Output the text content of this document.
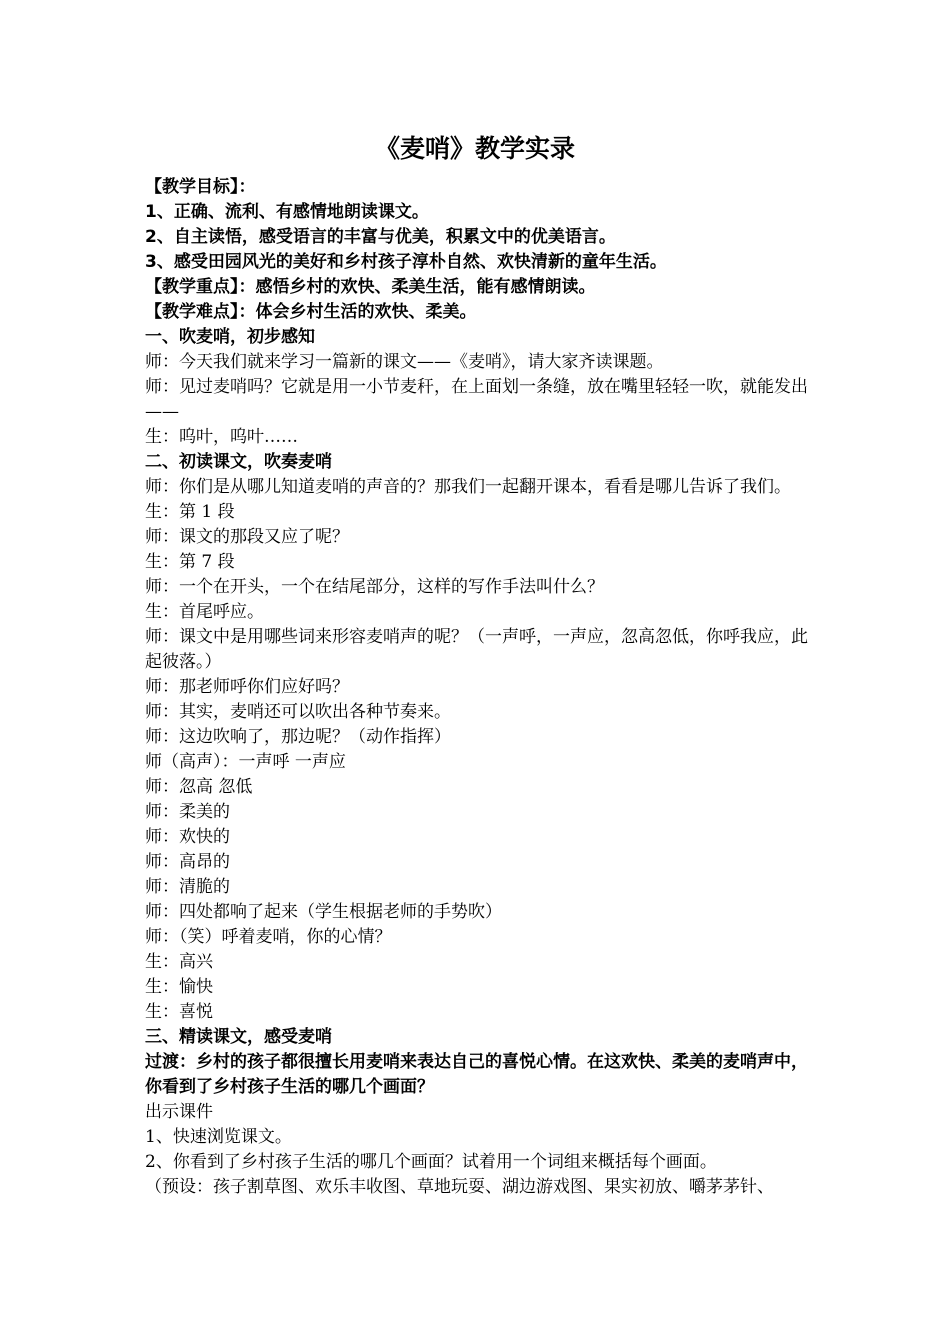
《麦哨》教学实录

【教学目标】：

1、正确、流利、有感情地朗读课文。

2、自主读悟，感受语言的丰富与优美，积累文中的优美语言。

3、感受田园风光的美好和乡村孩子淳朴自然、欢快清新的童年生活。

【教学重点】：感悟乡村的欢快、柔美生活，能有感情朗读。

【教学难点】：体会乡村生活的欢快、柔美。

一、吹麦哨，初步感知

师：今天我们就来学习一篇新的课文——《麦哨》，请大家齐读课题。

师：见过麦哨吗？它就是用一小节麦秆，在上面划一条缝，放在嘴里轻轻一吹，就能发出——

生：呜叶，呜叶……

二、初读课文，吹奏麦哨

师：你们是从哪儿知道麦哨的声音的？那我们一起翻开课本，看看是哪儿告诉了我们。

生：第 1 段

师：课文的那段又应了呢？

生：第 7 段

师：一个在开头，一个在结尾部分，这样的写作手法叫什么？

生：首尾呼应。

师：课文中是用哪些词来形容麦哨声的呢？（一声呼，一声应，忽高忽低，你呼我应，此起彼落。）

师：那老师呼你们应好吗？

师：其实，麦哨还可以吹出各种节奏来。

师：这边吹响了，那边呢？（动作指挥）

师（高声）：一声呼 一声应

师：忽高 忽低

师：柔美的

师：欢快的

师：高昂的

师：清脆的

师：四处都响了起来（学生根据老师的手势吹）

师：（笑）呼着麦哨，你的心情？

生：高兴

生：愉快

生：喜悦

三、精读课文，感受麦哨

过渡：乡村的孩子都很擅长用麦哨来表达自己的喜悦心情。在这欢快、柔美的麦哨声中，你看到了乡村孩子生活的哪几个画面？

出示课件

1、快速浏览课文。

2、你看到了乡村孩子生活的哪几个画面？试着用一个词组来概括每个画面。

（预设：孩子割草图、欢乐丰收图、草地玩耍、湖边游戏图、果实初放、嚼茅茅针、
